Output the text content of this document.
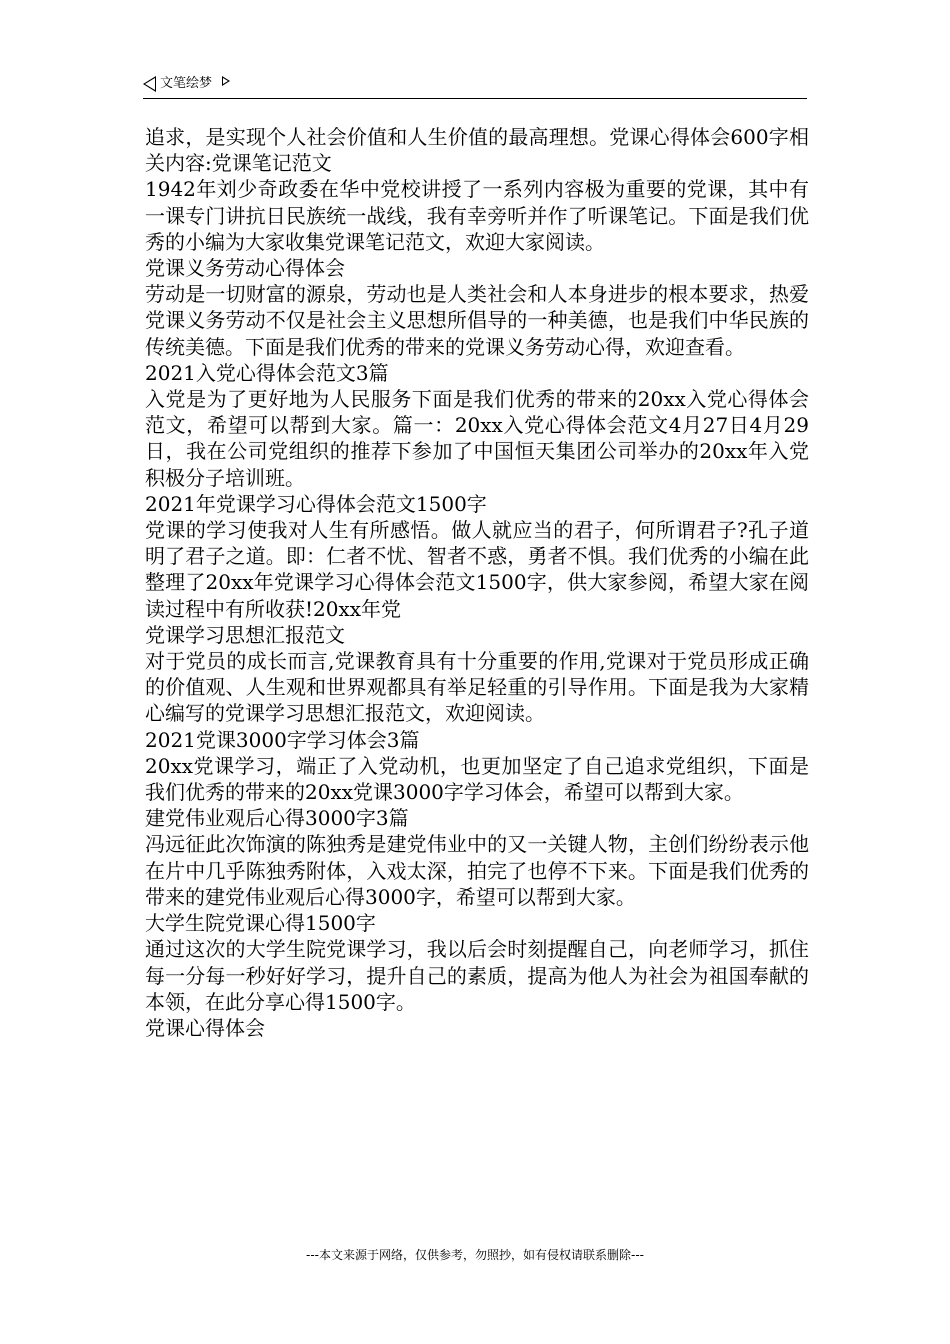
文笔绘梦

追求，是实现个人社会价值和人生价值的最高理想。党课心得体会600字相关内容:党课笔记范文

1942年刘少奇政委在华中党校讲授了一系列内容极为重要的党课，其中有一课专门讲抗日民族统一战线，我有幸旁听并作了听课笔记。下面是我们优秀的小编为大家收集党课笔记范文，欢迎大家阅读。

党课义务劳动心得体会

劳动是一切财富的源泉，劳动也是人类社会和人本身进步的根本要求，热爱党课义务劳动不仅是社会主义思想所倡导的一种美德，也是我们中华民族的传统美德。下面是我们优秀的带来的党课义务劳动心得，欢迎查看。

2021入党心得体会范文3篇

入党是为了更好地为人民服务下面是我们优秀的带来的20xx入党心得体会范文，希望可以帮到大家。篇一：20xx入党心得体会范文4月27日4月29日，我在公司党组织的推荐下参加了中国恒天集团公司举办的20xx年入党积极分子培训班。

2021年党课学习心得体会范文1500字

党课的学习使我对人生有所感悟。做人就应当的君子，何所谓君子?孔子道明了君子之道。即：仁者不忧、智者不惑，勇者不惧。我们优秀的小编在此整理了20xx年党课学习心得体会范文1500字，供大家参阅，希望大家在阅读过程中有所收获!20xx年党

党课学习思想汇报范文

对于党员的成长而言,党课教育具有十分重要的作用,党课对于党员形成正确的价值观、人生观和世界观都具有举足轻重的引导作用。下面是我为大家精心编写的党课学习思想汇报范文，欢迎阅读。

2021党课3000字学习体会3篇

20xx党课学习，端正了入党动机，也更加坚定了自己追求党组织，下面是我们优秀的带来的20xx党课3000字学习体会，希望可以帮到大家。

建党伟业观后心得3000字3篇

冯远征此次饰演的陈独秀是建党伟业中的又一关键人物，主创们纷纷表示他在片中几乎陈独秀附体，入戏太深，拍完了也停不下来。下面是我们优秀的带来的建党伟业观后心得3000字，希望可以帮到大家。

大学生院党课心得1500字

通过这次的大学生院党课学习，我以后会时刻提醒自己，向老师学习，抓住每一分每一秒好好学习，提升自己的素质，提高为他人为社会为祖国奉献的本领，在此分享心得1500字。

党课心得体会

---本文来源于网络，仅供参考，勿照抄，如有侵权请联系删除---
